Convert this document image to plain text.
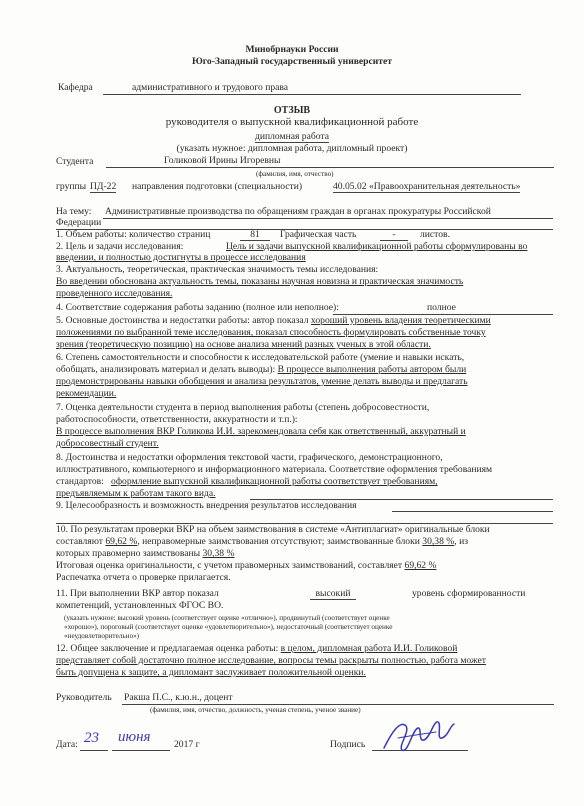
Минобрнауки России
Юго-Западный государственный университет
Кафедра	административного и трудового права
ОТЗЫВ
руководителя о выпускной квалификационной работе
дипломная работа
(указать нужное: дипломная работа, дипломный проект)
Студента	Голиковой Ирины Игоревны
(фамилия, имя, отчество)
группы ПД-22 направления подготовки (специальности)	40.05.02 «Правоохранительная деятельность»
На тему: Административные производства по обращениям граждан в органах прокуратуры Российской
Федерации
1. Объем работы: количество страниц	81	Графическая часть	-	листов.
2. Цель и задачи исследования:	Цель и задачи выпускной квалификационной работы сформулированы во
введении, и полностью достигнуты в процессе исследования
3. Актуальность, теоретическая, практическая значимость темы исследования:
Во введении обоснована актуальность темы, показаны научная новизна и практическая значимость
проведенного исследования.
4. Соответствие содержания работы заданию (полное или неполное):	полное
5. Основные достоинства и недостатки работы: автор показал хороший уровень владения теоретическими
положениями по выбранной теме исследования, показал способность формулировать собственные точку
зрения (теоретическую позицию) на основе анализа мнений разных ученых в этой области.
6. Степень самостоятельности и способности к исследовательской работе (умение и навыки искать,
обобщать, анализировать материал и делать выводы): В процессе выполнения работы автором были
продемонстрированы навыки обобщения и анализа результатов, умение делать выводы и предлагать
рекомендации.
7. Оценка деятельности студента в период выполнения работы (степень добросовестности,
работоспособности, ответственности, аккуратности и т.п.):
В процессе выполнения ВКР Голикова И.И. зарекомендовала себя как ответственный, аккуратный и
добросовестный студент.
8. Достоинства и недостатки оформления текстовой части, графического, демонстрационного,
иллюстративного, компьютерного и информационного материала. Соответствие оформления требованиям
стандартов: оформление выпускной квалификационной работы соответствует требованиям,
предъявляемым к работам такого вида.
9. Целесообразность и возможность внедрения результатов исследования
10. По результатам проверки ВКР на объем заимствования в системе «Антиплагиат» оригинальные блоки
составляют 69,62 %, неправомерные заимствования отсутствуют; заимствованные блоки 30,38 %, из
которых правомерно заимствованы 30,38 %
Итоговая оценка оригинальности, с учетом правомерных заимствований, составляет 69,62 %
Распечатка отчета о проверке прилагается.
11. При выполнении ВКР автор показал	высокий	уровень сформированности
компетенций, установленных ФГОС ВО.
(указать нужное: высокий уровень (соответствует оценке «отлично»), продвинутый (соответствует оценке
«хорошо»), пороговый (соответствует оценке «удовлетворительно»), недостаточный (соответствует оценке
«неудовлетворительно»)
12. Общее заключение и предлагаемая оценка работы: в целом, дипломная работа И.И. Голиковой
представляет собой достаточно полное исследование, вопросы темы раскрыты полностью, работа может
быть допущена к защите, а дипломант заслуживает положительной оценки.
Руководитель Ракша П.С., к.ю.н., доцент
(фамилия, имя, отчество, должность, ученая степень, ученое звание)
Дата: 23 июня 2017 г	Подпись
